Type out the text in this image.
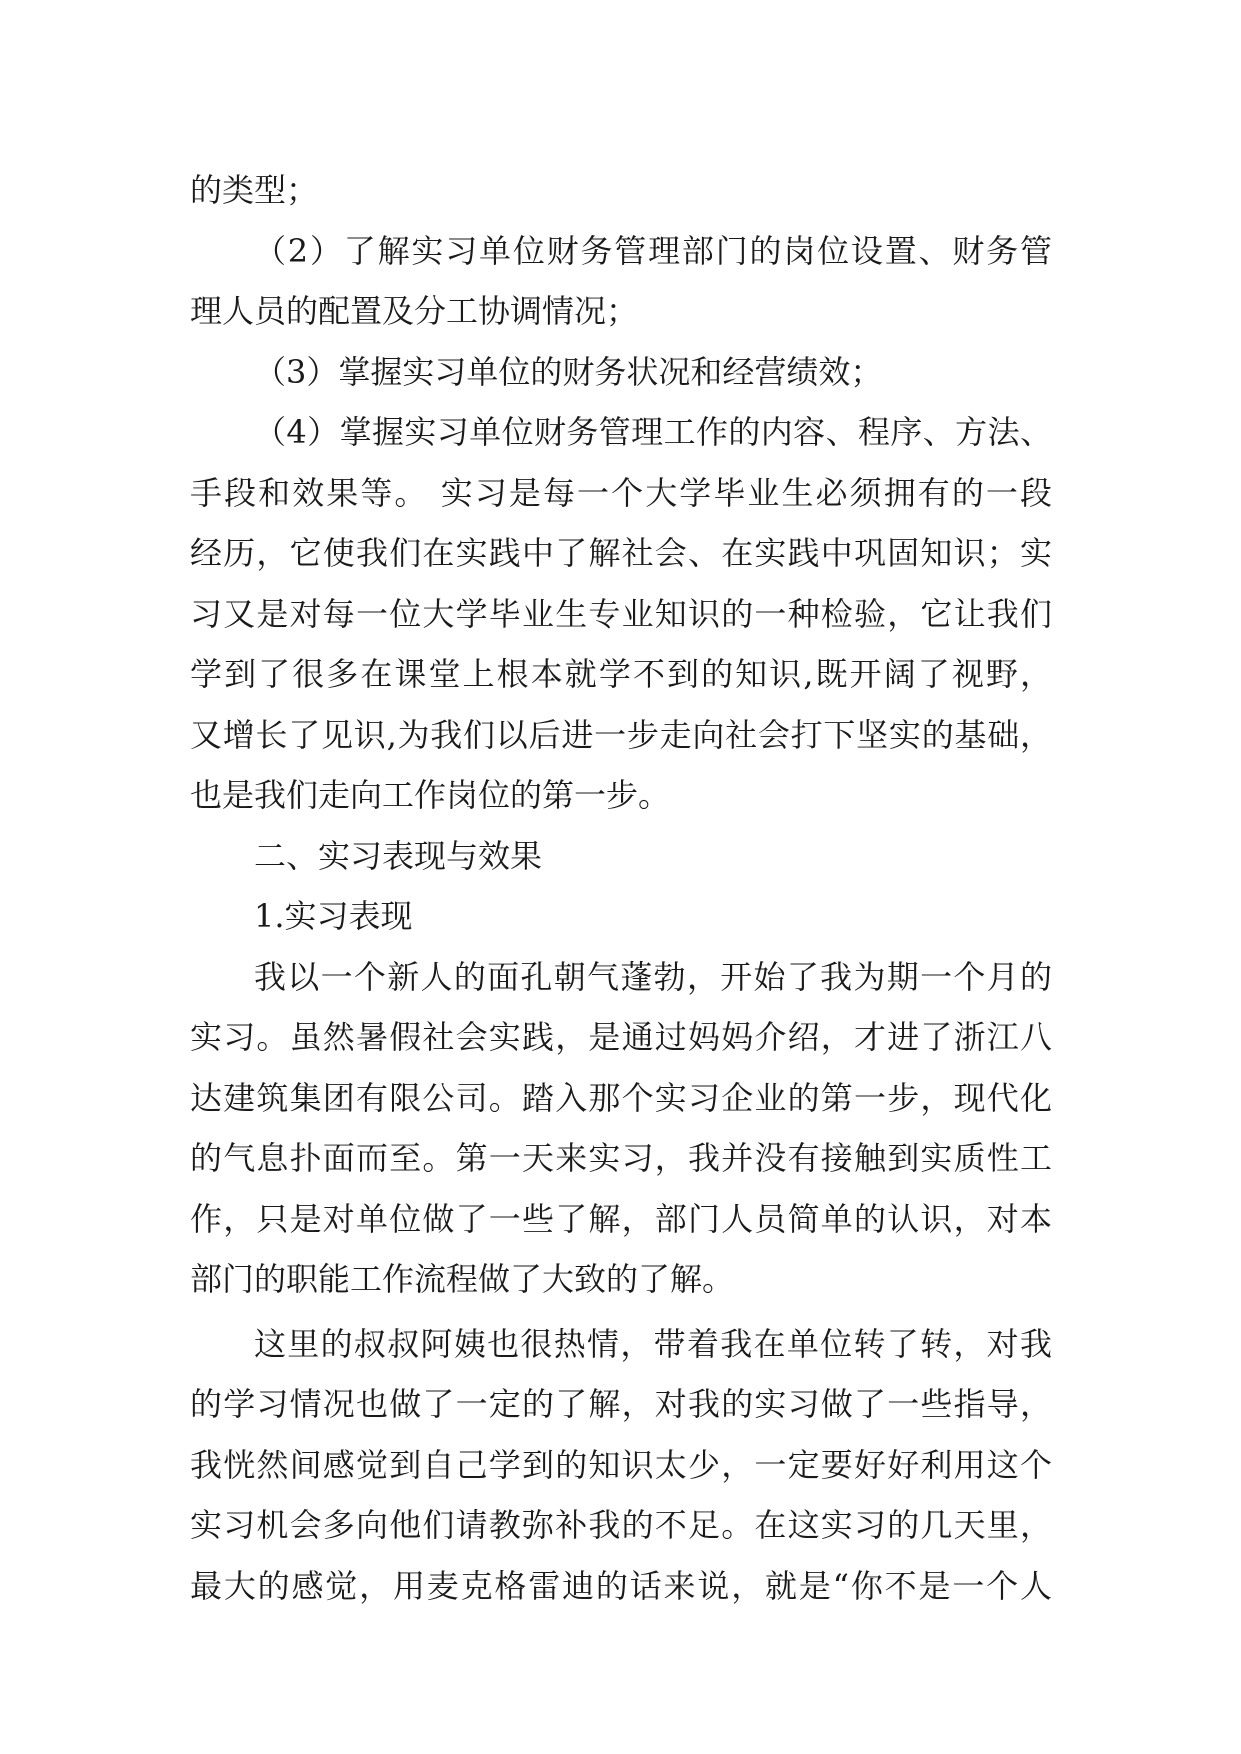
的类型；
（2）了解实习单位财务管理部门的岗位设置、财务管
理人员的配置及分工协调情况；
（3）掌握实习单位的财务状况和经营绩效；
（4）掌握实习单位财务管理工作的内容、程序、方法、
手段和效果等。 实习是每一个大学毕业生必须拥有的一段
经历，它使我们在实践中了解社会、在实践中巩固知识；实
习又是对每一位大学毕业生专业知识的一种检验，它让我们
学到了很多在课堂上根本就学不到的知识,既开阔了视野，
又增长了见识,为我们以后进一步走向社会打下坚实的基础，
也是我们走向工作岗位的第一步。
二、实习表现与效果
1.实习表现
我以一个新人的面孔朝气蓬勃，开始了我为期一个月的
实习。虽然暑假社会实践，是通过妈妈介绍，才进了浙江八
达建筑集团有限公司。踏入那个实习企业的第一步，现代化
的气息扑面而至。第一天来实习，我并没有接触到实质性工
作，只是对单位做了一些了解，部门人员简单的认识，对本
部门的职能工作流程做了大致的了解。
这里的叔叔阿姨也很热情，带着我在单位转了转，对我
的学习情况也做了一定的了解，对我的实习做了一些指导，
我恍然间感觉到自己学到的知识太少，一定要好好利用这个
实习机会多向他们请教弥补我的不足。在这实习的几天里，
最大的感觉，用麦克格雷迪的话来说，就是“你不是一个人
